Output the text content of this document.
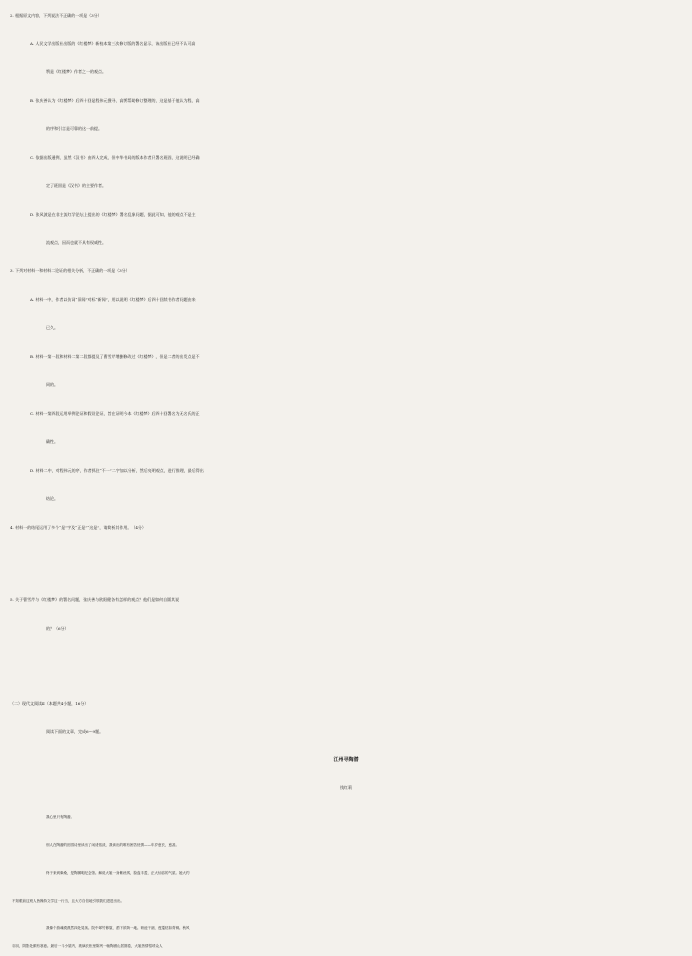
2. 根据原文内容，下列说法不正确的一项是（3分）
A. 人民文学出版社出版的《红楼梦》新校本第三次修订版的署名显示，该出版社已经不认可高
鹗是《红楼梦》作者之一的观点。
B. 张庆善认为《红楼梦》后四十回是程伟元搜寻、高鹗帮助修订整理的，这是基于他认为程、高
的序和引言是可靠的这一前提。
C. 依据出版通例，虽然《汉书》由四人完成，但中华书局的版本作者只署名班固，这说明已经确
定了班固是《汉书》的主要作者。
D. 张风波是在非主流红学论坛上提出的《红楼梦》署名乱象问题，据此可知，他的观点不是主
流观点，因而也就不具有权威性。
3. 下列对材料一和材料二论证的相关分析，不正确的一项是（3分）
A. 材料一中，作者以仿词“旧闻”对标“新闻”，用以说明《红楼梦》后四十回续书作者问题由来
已久。
B. 材料一第一段和材料二第二段都提及了曹雪芹增删修改过《红楼梦》，但是二者的出发点是不
同的。
C. 材料一第四段运用举例论证和假设论证，旨在证明今本《红楼梦》后四十回署名为无名氏的正
确性。
D. 材料二中，对程伟元的序，作者抓住“不一”二字加以分析，然后亮明观点，进行推理，最后得出
结论。
4. 材料一的结尾运用了多个“是”字及“正是”“这是”，请简析其作用。（4分）
5. 关于曹雪芹与《红楼梦》的署名问题，张庆善与欧阳健各有怎样的观点？他们是如何自圆其说
的？（6分）
（二）现代文阅读Ⅱ（本题共4小题，16分）
阅读下面的文章，完成6～9题。
江州寻陶潜
钱红莉
我心里只有陶潜。
别人在陶潜的田园诗里读出了闲适恬淡，我读出的唯有困苦忧惧——年岁愈长，愈甚。
终于来到柴桑，是陶渊明纪念馆。解说大姐一身紫丝绒，脸盘丰盈，正大仙容的气质。她大约
不知眼前这班人皆操持文学这一行当，且大方自信地引领我们进进出出。
我像个游魂漠漠然四处晃荡。院中翠竹修篁，洒下浓荫一地。荷池干涸，莲蓬枯如青铜。秋风
羽羽，阴影处颇有寒意。最后一斗小屋内，玻璃长柜里陈列一帧陶潜山居图卷，大姐热情招呼众人
